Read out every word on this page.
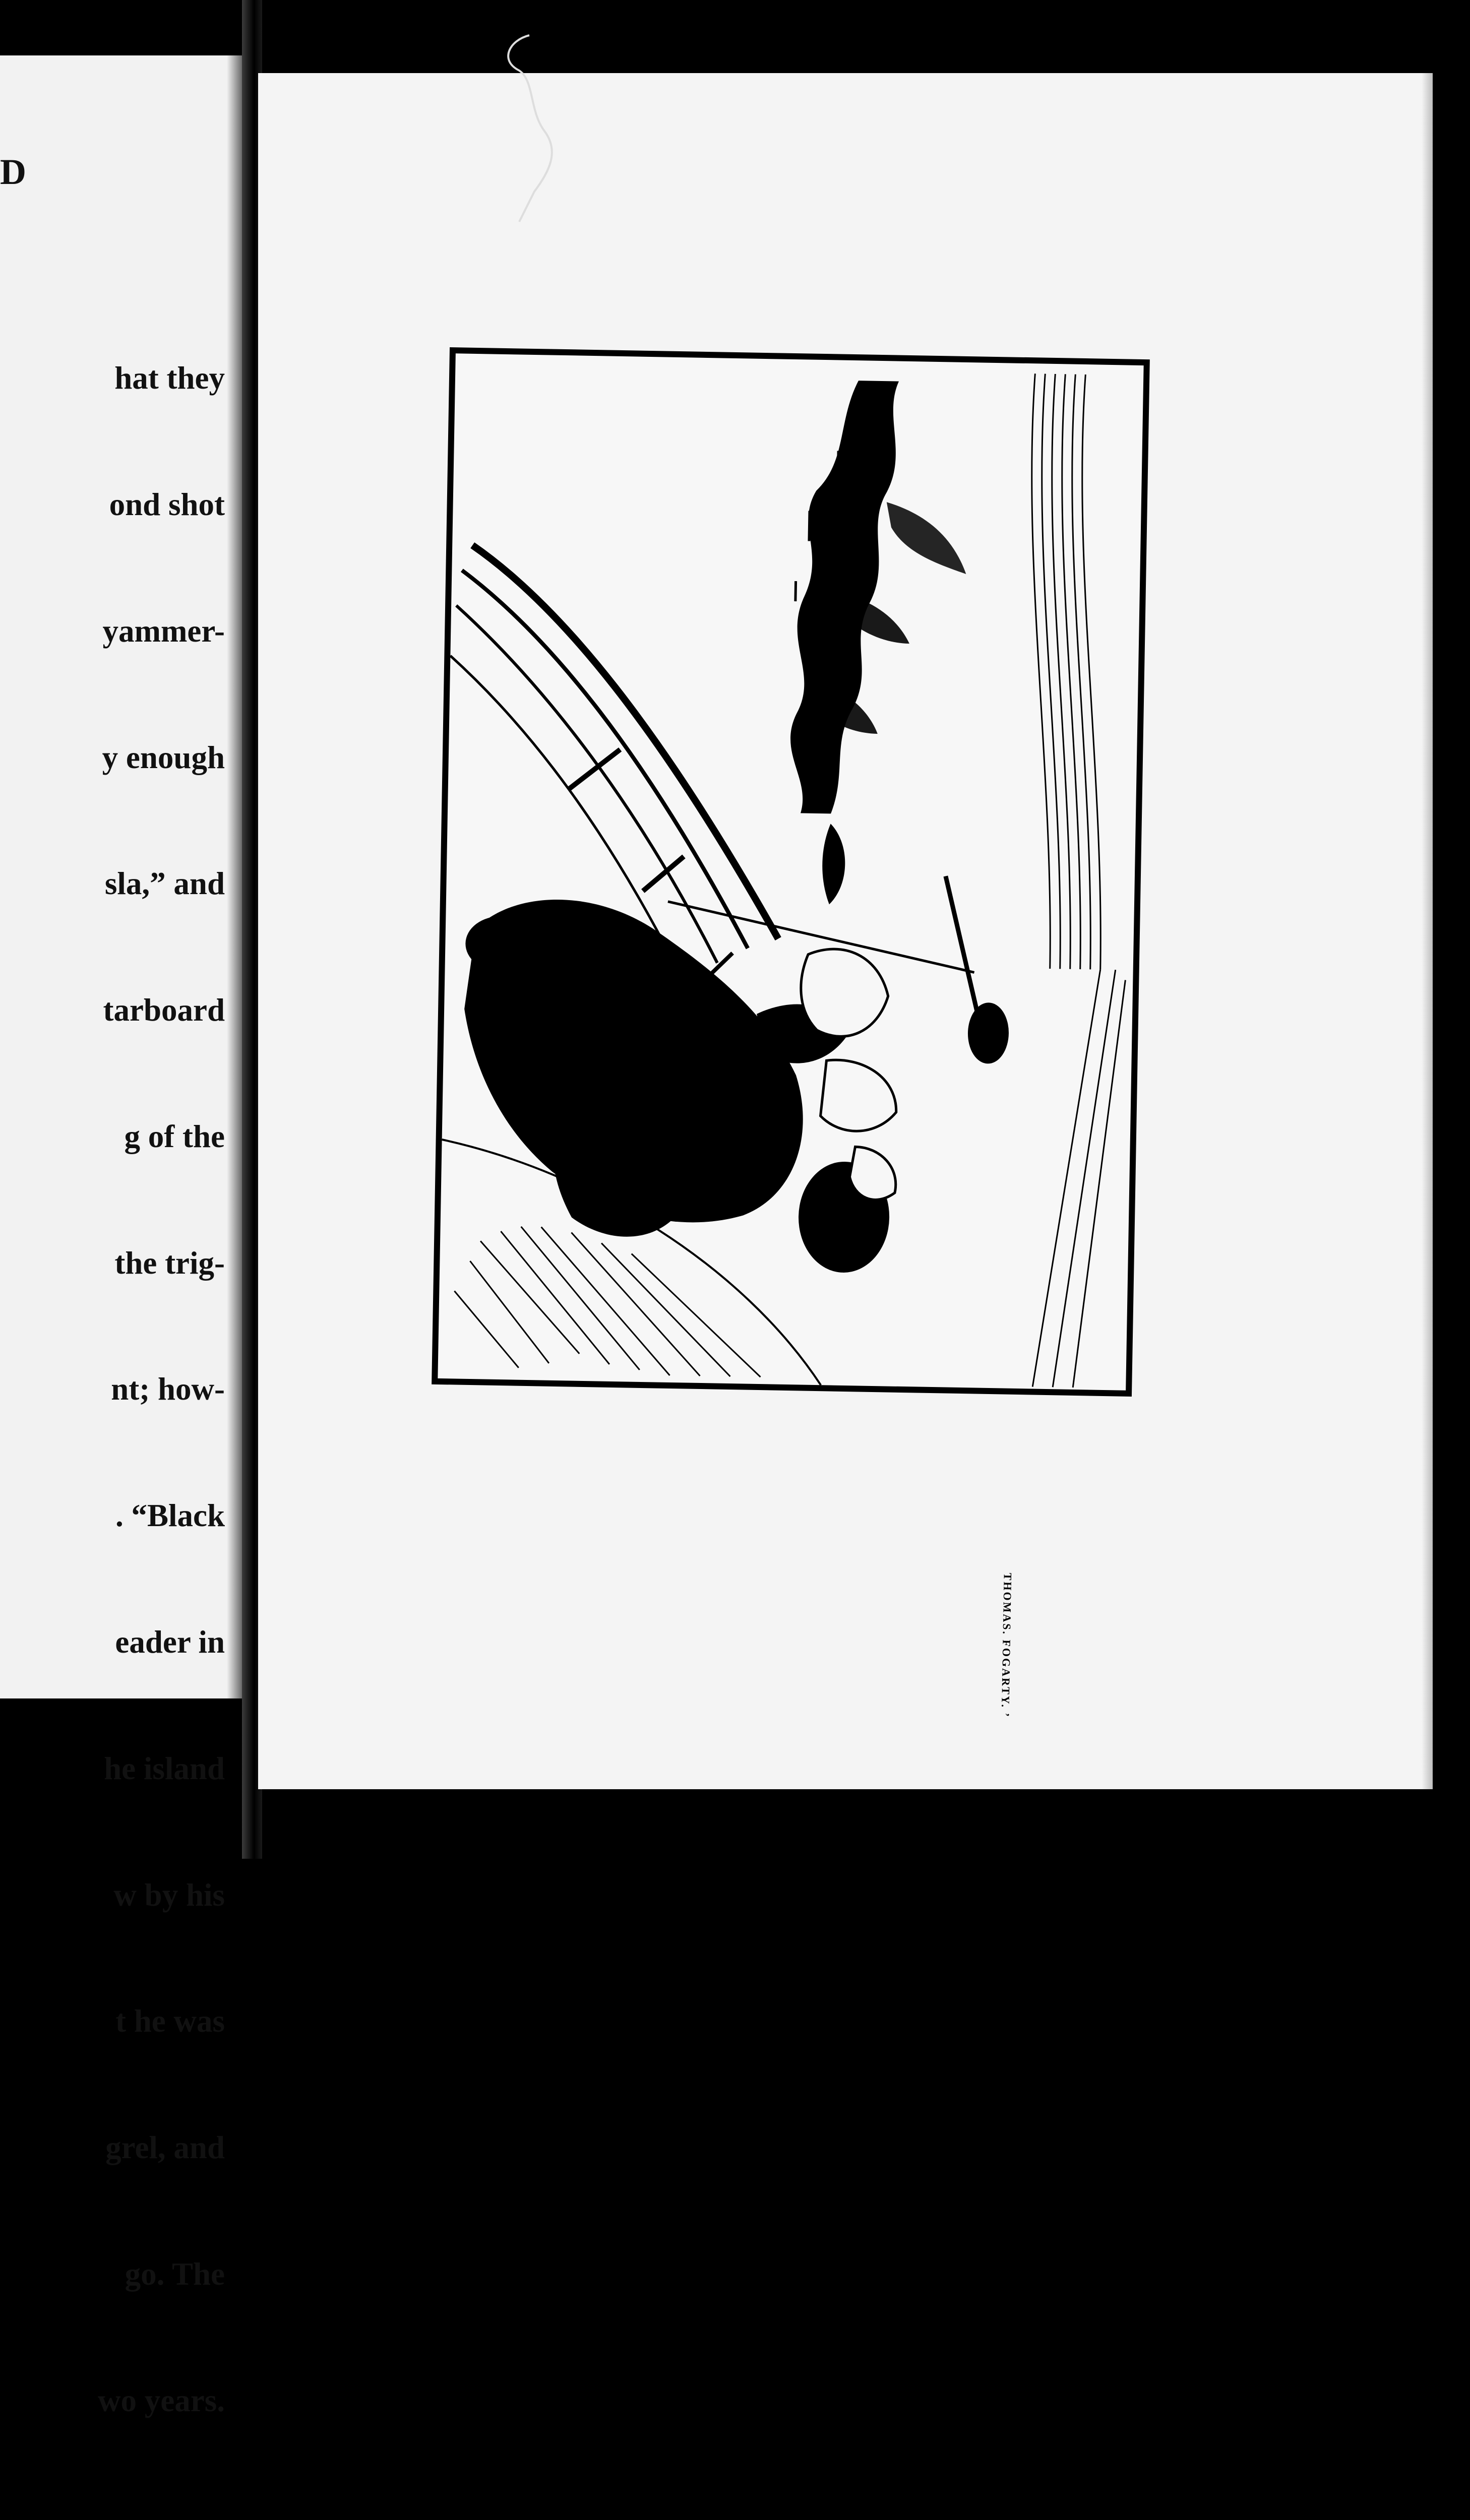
D

hat they

ond shot

yammer-

y enough

sla,” and

tarboard

g of the

the trig-

nt; how-

. “Black

eader in

he island

w by his

t he was

grel, and

go. The

wo years.

THOMAS. FOGARTY. ’
